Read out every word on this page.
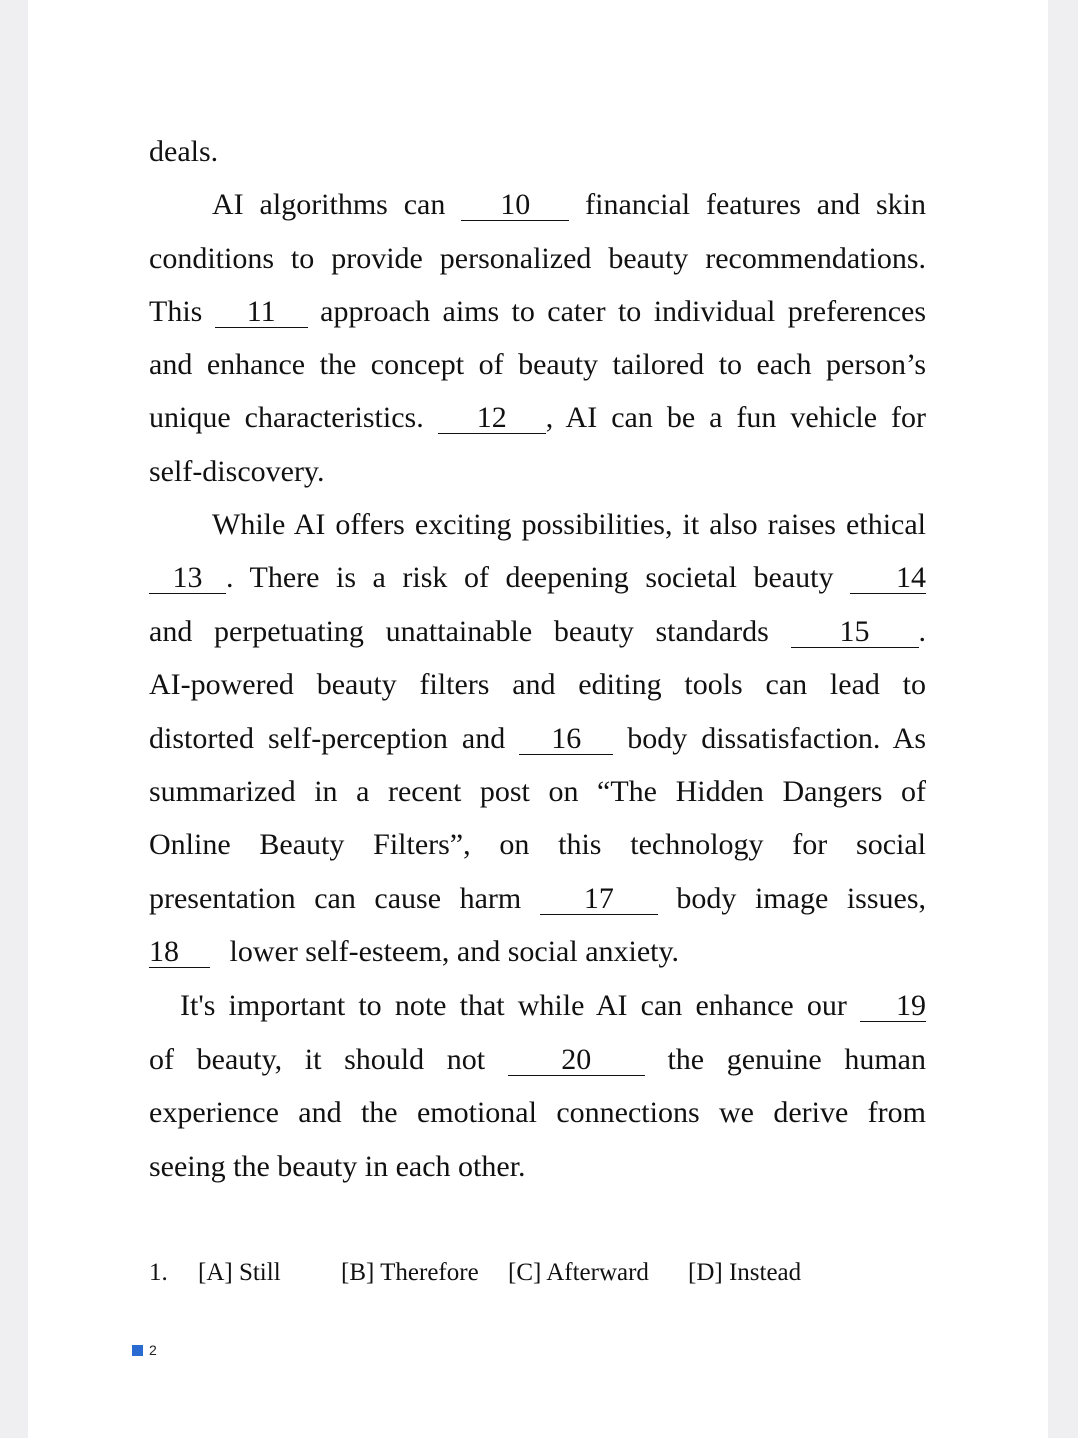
deals.
AI algorithms can 10 financial features and skin
conditions to provide personalized beauty recommendations.
This 11 approach aims to cater to individual preferences
and enhance the concept of beauty tailored to each person’s
unique characteristics. 12 , AI can be a fun vehicle for
self-discovery.
While AI offers exciting possibilities, it also raises ethical
13 . There is a risk of deepening societal beauty 14
and perpetuating unattainable beauty standards 15 .
AI-powered beauty filters and editing tools can lead to
distorted self-perception and 16 body dissatisfaction. As
summarized in a recent post on “The Hidden Dangers of
Online Beauty Filters”, on this technology for social
presentation can cause harm 17 body image issues,
18 lower self-esteem, and social anxiety.
It's important to note that while AI can enhance our 19
of beauty, it should not	20	the genuine human
experience and the emotional connections we derive from
seeing the beauty in each other.
1. [A] Still [B] Therefore [C] Afterward [D] Instead
2
